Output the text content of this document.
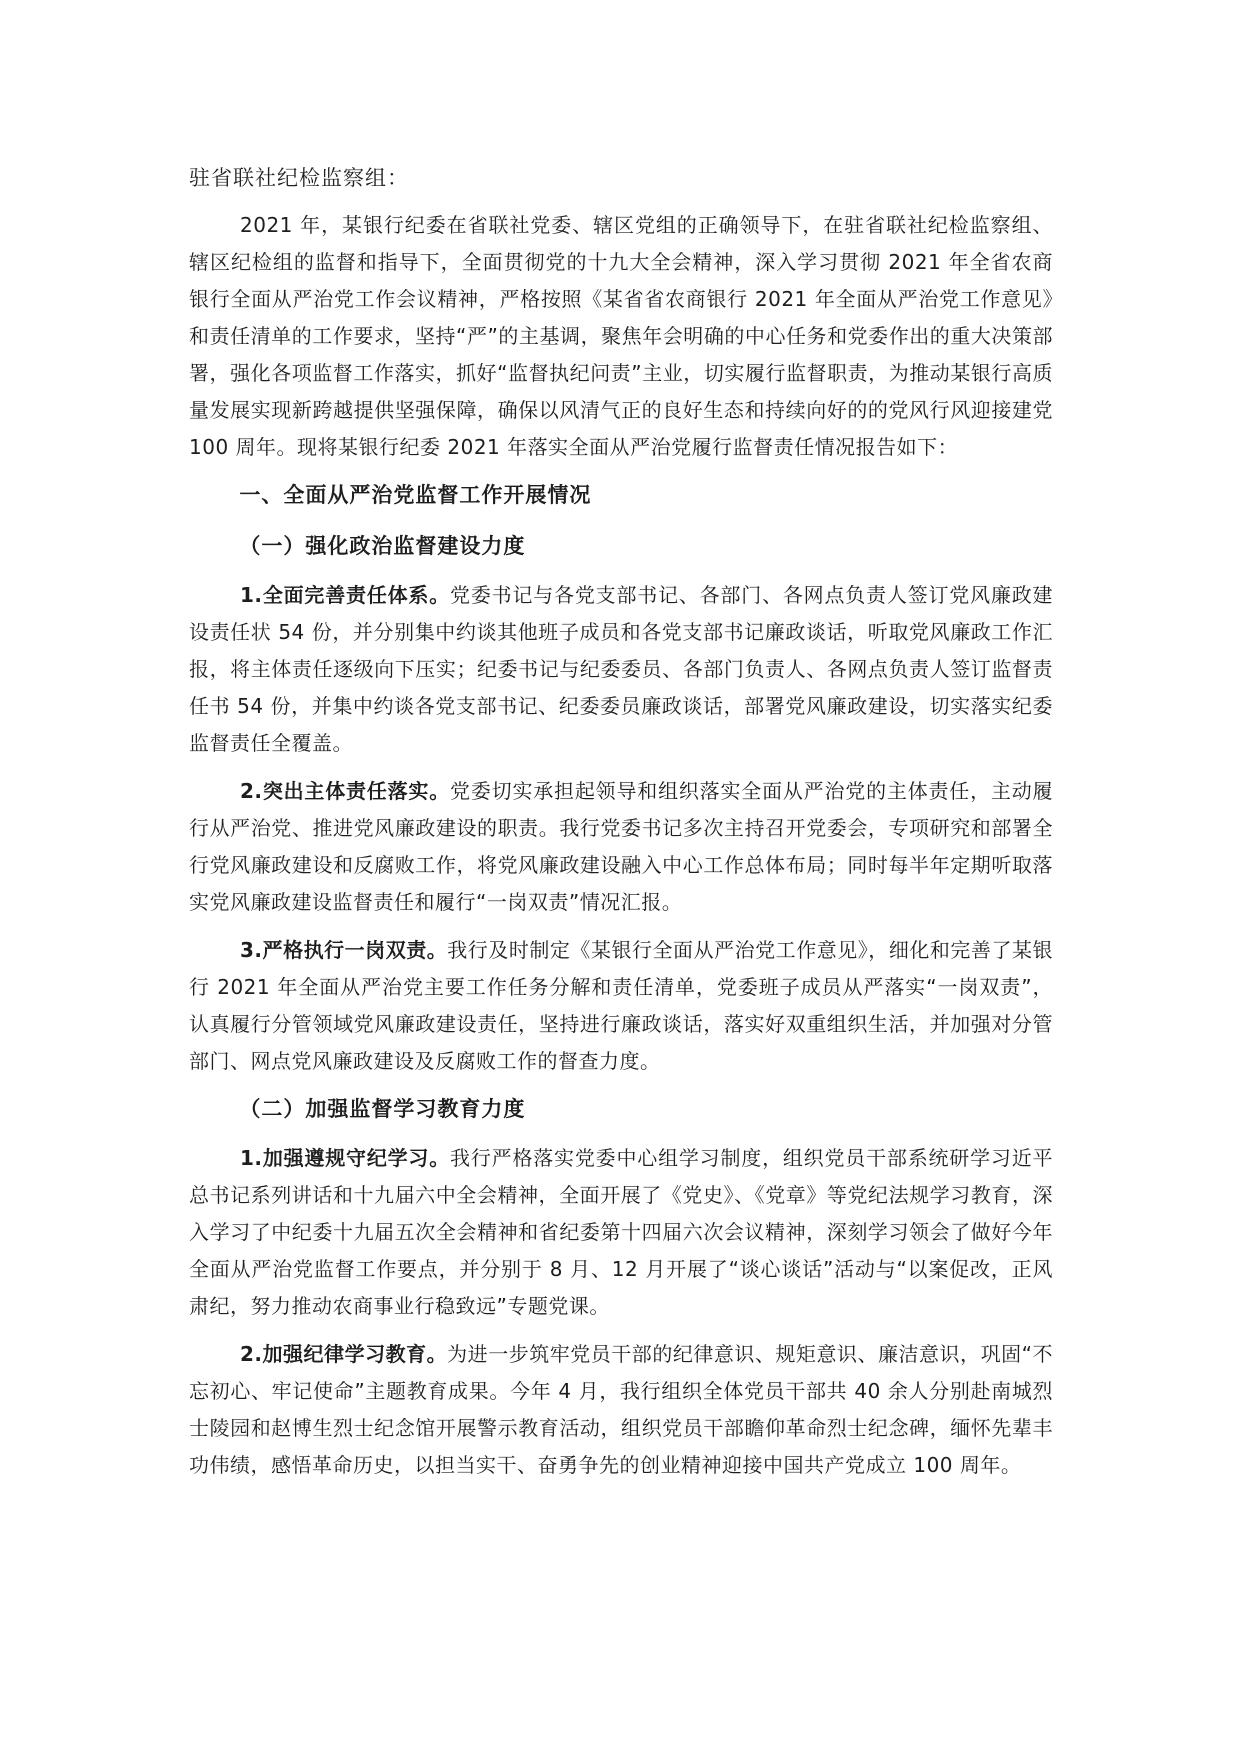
驻省联社纪检监察组：

2021 年，某银行纪委在省联社党委、辖区党组的正确领导下，在驻省联社纪检监察组、辖区纪检组的监督和指导下，全面贯彻党的十九大全会精神，深入学习贯彻 2021 年全省农商银行全面从严治党工作会议精神，严格按照《某省省农商银行 2021 年全面从严治党工作意见》和责任清单的工作要求，坚持“严”的主基调，聚焦年会明确的中心任务和党委作出的重大决策部署，强化各项监督工作落实，抓好“监督执纪问责”主业，切实履行监督职责，为推动某银行高质量发展实现新跨越提供坚强保障，确保以风清气正的良好生态和持续向好的的党风行风迎接建党 100 周年。现将某银行纪委 2021 年落实全面从严治党履行监督责任情况报告如下：

一、全面从严治党监督工作开展情况
（一）强化政治监督建设力度

1.全面完善责任体系。党委书记与各党支部书记、各部门、各网点负责人签订党风廉政建设责任状 54 份，并分别集中约谈其他班子成员和各党支部书记廉政谈话，听取党风廉政工作汇报，将主体责任逐级向下压实；纪委书记与纪委委员、各部门负责人、各网点负责人签订监督责任书 54 份，并集中约谈各党支部书记、纪委委员廉政谈话，部署党风廉政建设，切实落实纪委监督责任全覆盖。

2.突出主体责任落实。党委切实承担起领导和组织落实全面从严治党的主体责任，主动履行从严治党、推进党风廉政建设的职责。我行党委书记多次主持召开党委会，专项研究和部署全行党风廉政建设和反腐败工作，将党风廉政建设融入中心工作总体布局；同时每半年定期听取落实党风廉政建设监督责任和履行“一岗双责”情况汇报。

3.严格执行一岗双责。我行及时制定《某银行全面从严治党工作意见》，细化和完善了某银行 2021 年全面从严治党主要工作任务分解和责任清单，党委班子成员从严落实“一岗双责”，认真履行分管领域党风廉政建设责任，坚持进行廉政谈话，落实好双重组织生活，并加强对分管部门、网点党风廉政建设及反腐败工作的督查力度。

（二）加强监督学习教育力度

1.加强遵规守纪学习。我行严格落实党委中心组学习制度，组织党员干部系统研学习近平总书记系列讲话和十九届六中全会精神，全面开展了《党史》、《党章》等党纪法规学习教育，深入学习了中纪委十九届五次全会精神和省纪委第十四届六次会议精神，深刻学习领会了做好今年全面从严治党监督工作要点，并分别于 8 月、12 月开展了“谈心谈话”活动与“以案促改，正风肃纪，努力推动农商事业行稳致远”专题党课。

2.加强纪律学习教育。为进一步筑牢党员干部的纪律意识、规矩意识、廉洁意识，巩固“不忘初心、牢记使命”主题教育成果。今年 4 月，我行组织全体党员干部共 40 余人分别赴南城烈士陵园和赵博生烈士纪念馆开展警示教育活动，组织党员干部瞻仰革命烈士纪念碑，缅怀先辈丰功伟绩，感悟革命历史，以担当实干、奋勇争先的创业精神迎接中国共产党成立 100 周年。
